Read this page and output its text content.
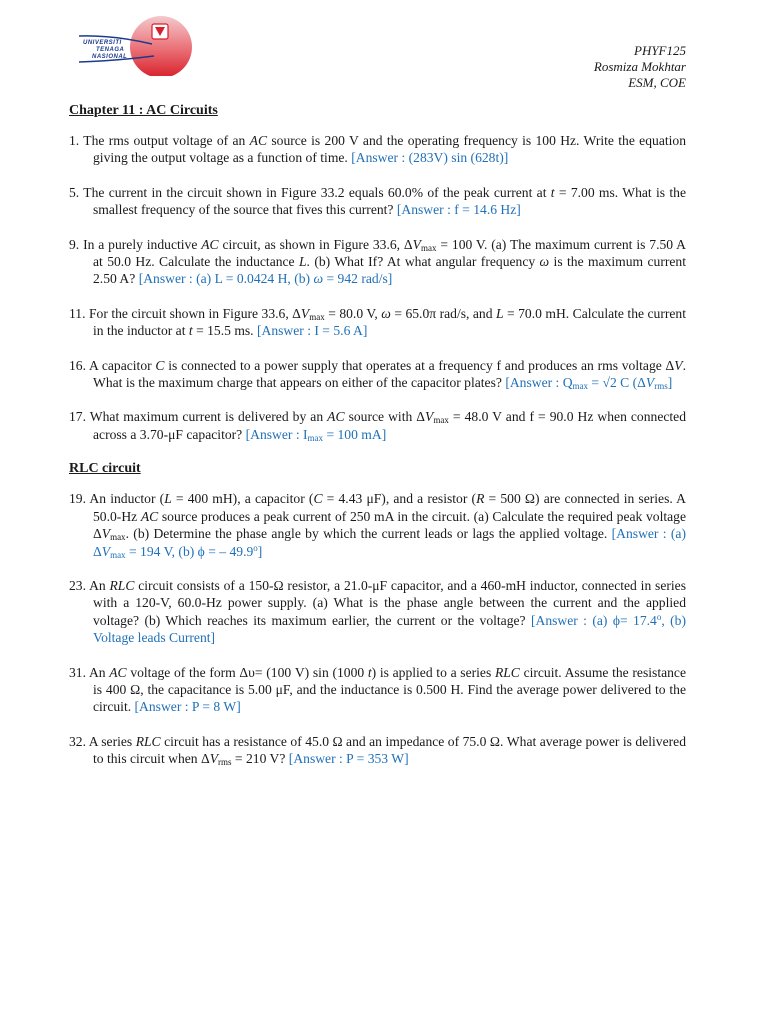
UNIVERSITI
TENAGA
NASIONAL	PHYF125
Rosmiza Mokhtar
ESM, COE
Chapter 11 : AC Circuits

1. The rms output voltage of an AC source is 200 V and the operating frequency is 100 Hz. Write the equation giving the output voltage as a function of time. [Answer : (283V) sin (628t)]

5. The current in the circuit shown in Figure 33.2 equals 60.0% of the peak current at t = 7.00 ms. What is the smallest frequency of the source that fives this current? [Answer : f = 14.6 Hz]

9. In a purely inductive AC circuit, as shown in Figure 33.6, $\Delta V_{max} = 100$ V. (a) The maximum current is 7.50 A at 50.0 Hz. Calculate the inductance L. (b) What If? At what angular frequency ω is the maximum current 2.50 A? [Answer : (a) L = 0.0424 H, (b) ω = 942 rad/s]

11. For the circuit shown in Figure 33.6, $\Delta V_{max} = 80.0$ V, ω = 65.0π rad/s, and L = 70.0 mH. Calculate the current in the inductor at t = 15.5 ms. [Answer : I = 5.6 A]

16. A capacitor C is connected to a power supply that operates at a frequency f and produces an rms voltage ΔV. What is the maximum charge that appears on either of the capacitor plates? [Answer : $Q_{max} = √2$ C $(\Delta V_{rms}]$

17. What maximum current is delivered by an AC source with $\Delta V_{max} = 48.0$ V and f = 90.0 Hz when connected across a 3.70-μF capacitor? [Answer : $I_{max} = 100$ mA]

RLC circuit

19. An inductor (L = 400 mH), a capacitor (C = 4.43 μF), and a resistor (R = 500 Ω) are connected in series. A 50.0-Hz AC source produces a peak current of 250 mA in the circuit. (a) Calculate the required peak voltage $\Delta V_{max}$. (b) Determine the phase angle by which the current leads or lags the applied voltage. [Answer : (a) $\Delta V_{max} = 194$ V, (b) ϕ = – 49.9$^o$]

23. An RLC circuit consists of a 150-Ω resistor, a 21.0-μF capacitor, and a 460-mH inductor, connected in series with a 120-V, 60.0-Hz power supply. (a) What is the phase angle between the current and the applied voltage? (b) Which reaches its maximum earlier, the current or the voltage? [Answer : (a) $\phi= 17.4^o$, (b) Voltage leads Current]

31. An AC voltage of the form Δυ= (100 V) sin (1000 t) is applied to a series RLC circuit. Assume the resistance is 400 Ω, the capacitance is 5.00 μF, and the inductance is 0.500 H. Find the average power delivered to the circuit. [Answer : P = 8 W]

32. A series RLC circuit has a resistance of 45.0 Ω and an impedance of 75.0 Ω. What average power is delivered to this circuit when $\Delta V_{rms} = 210$ V? [Answer : P = 353 W]
